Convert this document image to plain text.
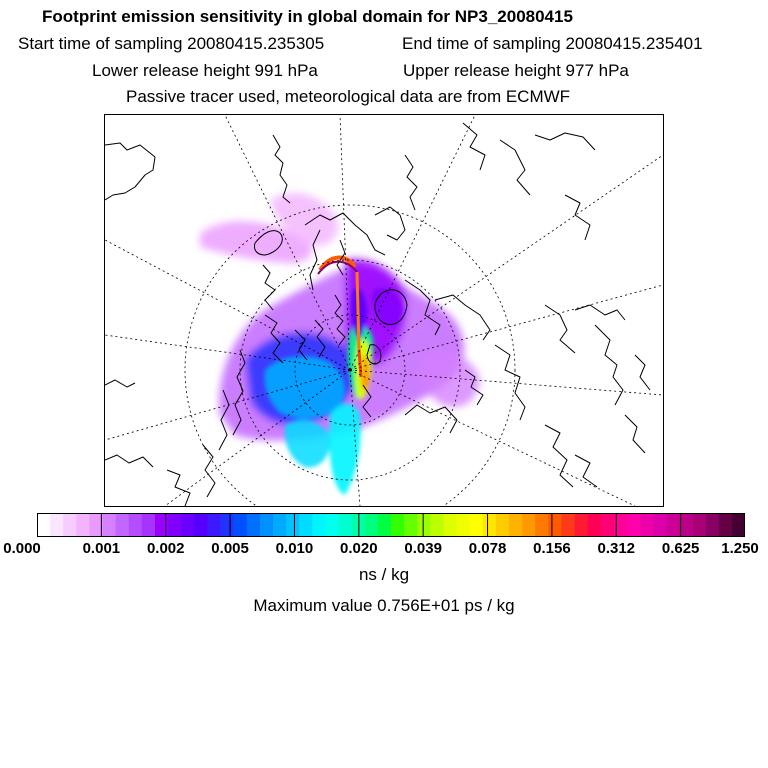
Footprint emission sensitivity in global domain for NP3_20080415
Start time of sampling 20080415.235305	End time of sampling 20080415.235401
Lower release height 991 hPa	Upper release height 977 hPa
Passive tracer used, meteorological data are from ECMWF
0.000	0.001 0.002 0.005 0.010 0.020 0.039 0.078 0.156 0.312 0.625 1.250
ns / kg
Maximum value 0.756E+01 ps / kg
